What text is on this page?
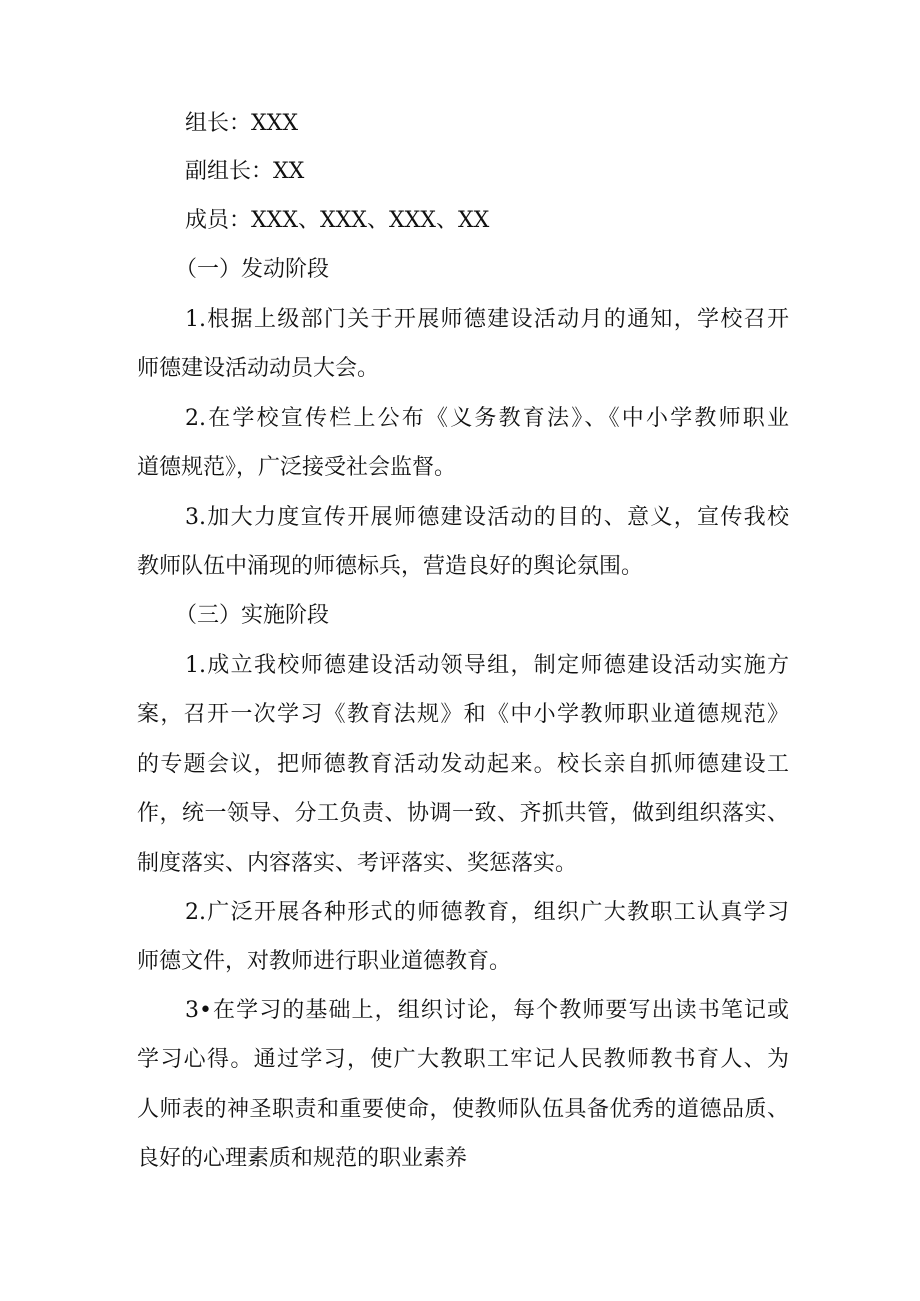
组长：XXX
副组长：XX
成员：XXX、XXX、XXX、XX
（一）发动阶段
1.根据上级部门关于开展师德建设活动月的通知，学校召开
师德建设活动动员大会。
2.在学校宣传栏上公布《义务教育法》、《中小学教师职业
道德规范》，广泛接受社会监督。
3.加大力度宣传开展师德建设活动的目的、意义，宣传我校
教师队伍中涌现的师德标兵，营造良好的舆论氛围。
（三）实施阶段
1.成立我校师德建设活动领导组，制定师德建设活动实施方
案，召开一次学习《教育法规》和《中小学教师职业道德规范》
的专题会议，把师德教育活动发动起来。校长亲自抓师德建设工
作，统一领导、分工负责、协调一致、齐抓共管，做到组织落实、
制度落实、内容落实、考评落实、奖惩落实。
2.广泛开展各种形式的师德教育，组织广大教职工认真学习
师德文件，对教师进行职业道德教育。
3•在学习的基础上，组织讨论，每个教师要写出读书笔记或
学习心得。通过学习，使广大教职工牢记人民教师教书育人、为
人师表的神圣职责和重要使命，使教师队伍具备优秀的道德品质、
良好的心理素质和规范的职业素养
